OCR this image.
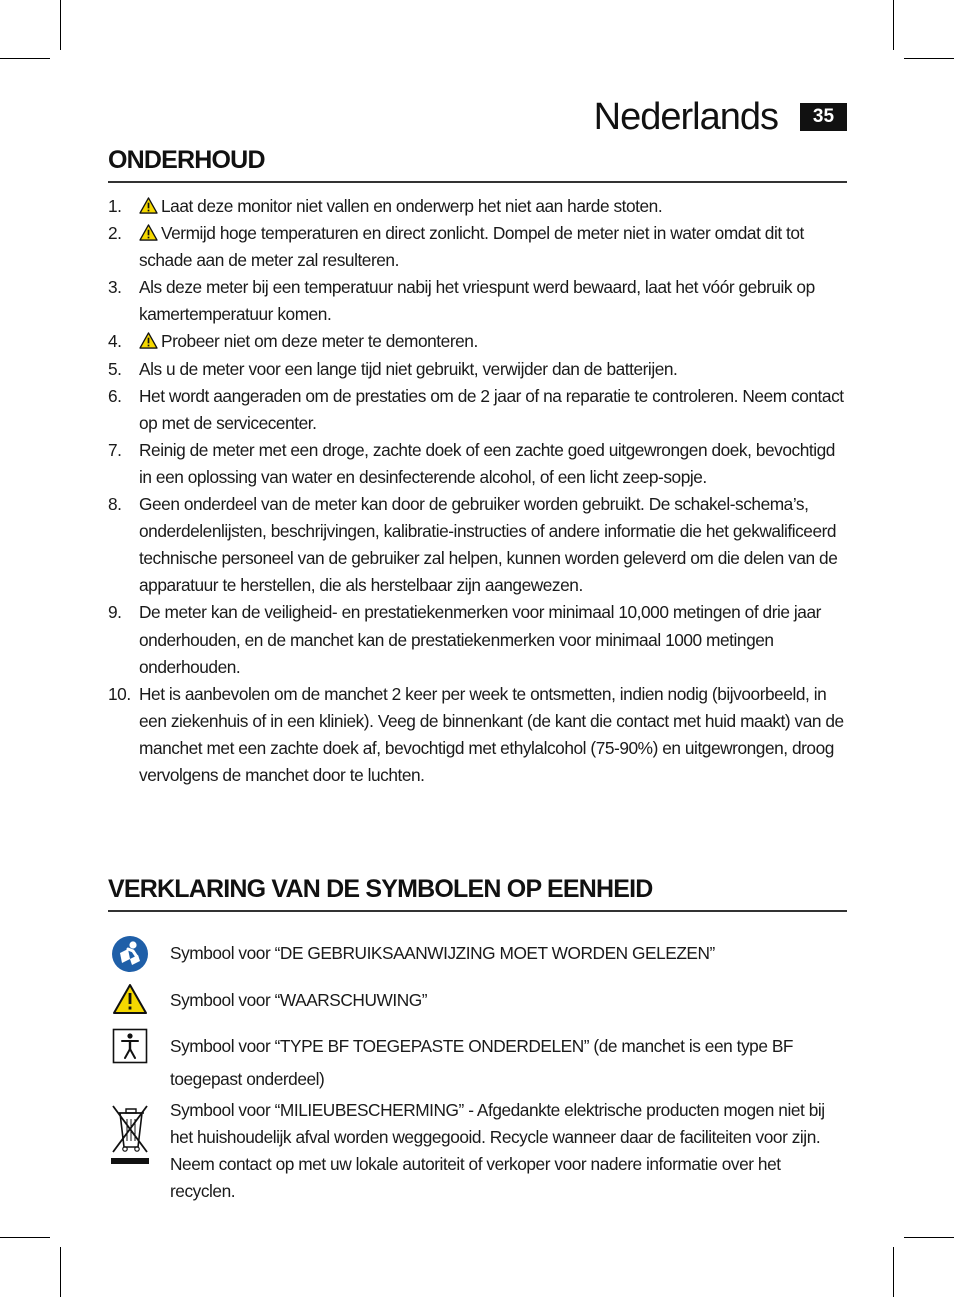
Nederlands	35
ONDERHOUD
1. Laat deze monitor niet vallen en onderwerp het niet aan harde stoten.
2. Vermijd hoge temperaturen en direct zonlicht. Dompel de meter niet in water omdat dit tot schade aan de meter zal resulteren.
3. Als deze meter bij een temperatuur nabij het vriespunt werd bewaard, laat het vóór gebruik op kamertemperatuur komen.
4. Probeer niet om deze meter te demonteren.
5. Als u de meter voor een lange tijd niet gebruikt, verwijder dan de batterijen.
6. Het wordt aangeraden om de prestaties om de 2 jaar of na reparatie te controleren. Neem contact op met de servicecenter.
7. Reinig de meter met een droge, zachte doek of een zachte goed uitgewrongen doek, bevochtigd in een oplossing van water en desinfecterende alcohol, of een licht zeep-sopje.
8. Geen onderdeel van de meter kan door de gebruiker worden gebruikt. De schakel-schema’s, onderdelenlijsten, beschrijvingen, kalibratie-instructies of andere informatie die het gekwalificeerd technische personeel van de gebruiker zal helpen, kunnen worden geleverd om die delen van de apparatuur te herstellen, die als herstelbaar zijn aangewezen.
9. De meter kan de veiligheid- en prestatiekenmerken voor minimaal 10,000 metingen of drie jaar onderhouden, en de manchet kan de prestatiekenmerken voor minimaal 1000 metingen onderhouden.
10. Het is aanbevolen om de manchet 2 keer per week te ontsmetten, indien nodig (bijvoorbeeld, in een ziekenhuis of in een kliniek). Veeg de binnenkant (de kant die contact met huid maakt) van de manchet met een zachte doek af, bevochtigd met ethylalcohol (75-90%) en uitgewrongen, droog vervolgens de manchet door te luchten.
VERKLARING VAN DE SYMBOLEN OP EENHEID
Symbool voor “DE GEBRUIKSAANWIJZING MOET WORDEN GELEZEN”
Symbool voor “WAARSCHUWING”
Symbool voor “TYPE BF TOEGEPASTE ONDERDELEN” (de manchet is een type BF toegepast onderdeel)
Symbool voor “MILIEUBESCHERMING” - Afgedankte elektrische producten mogen niet bij het huishoudelijk afval worden weggegooid. Recycle wanneer daar de faciliteiten voor zijn. Neem contact op met uw lokale autoriteit of verkoper voor nadere informatie over het recyclen.
